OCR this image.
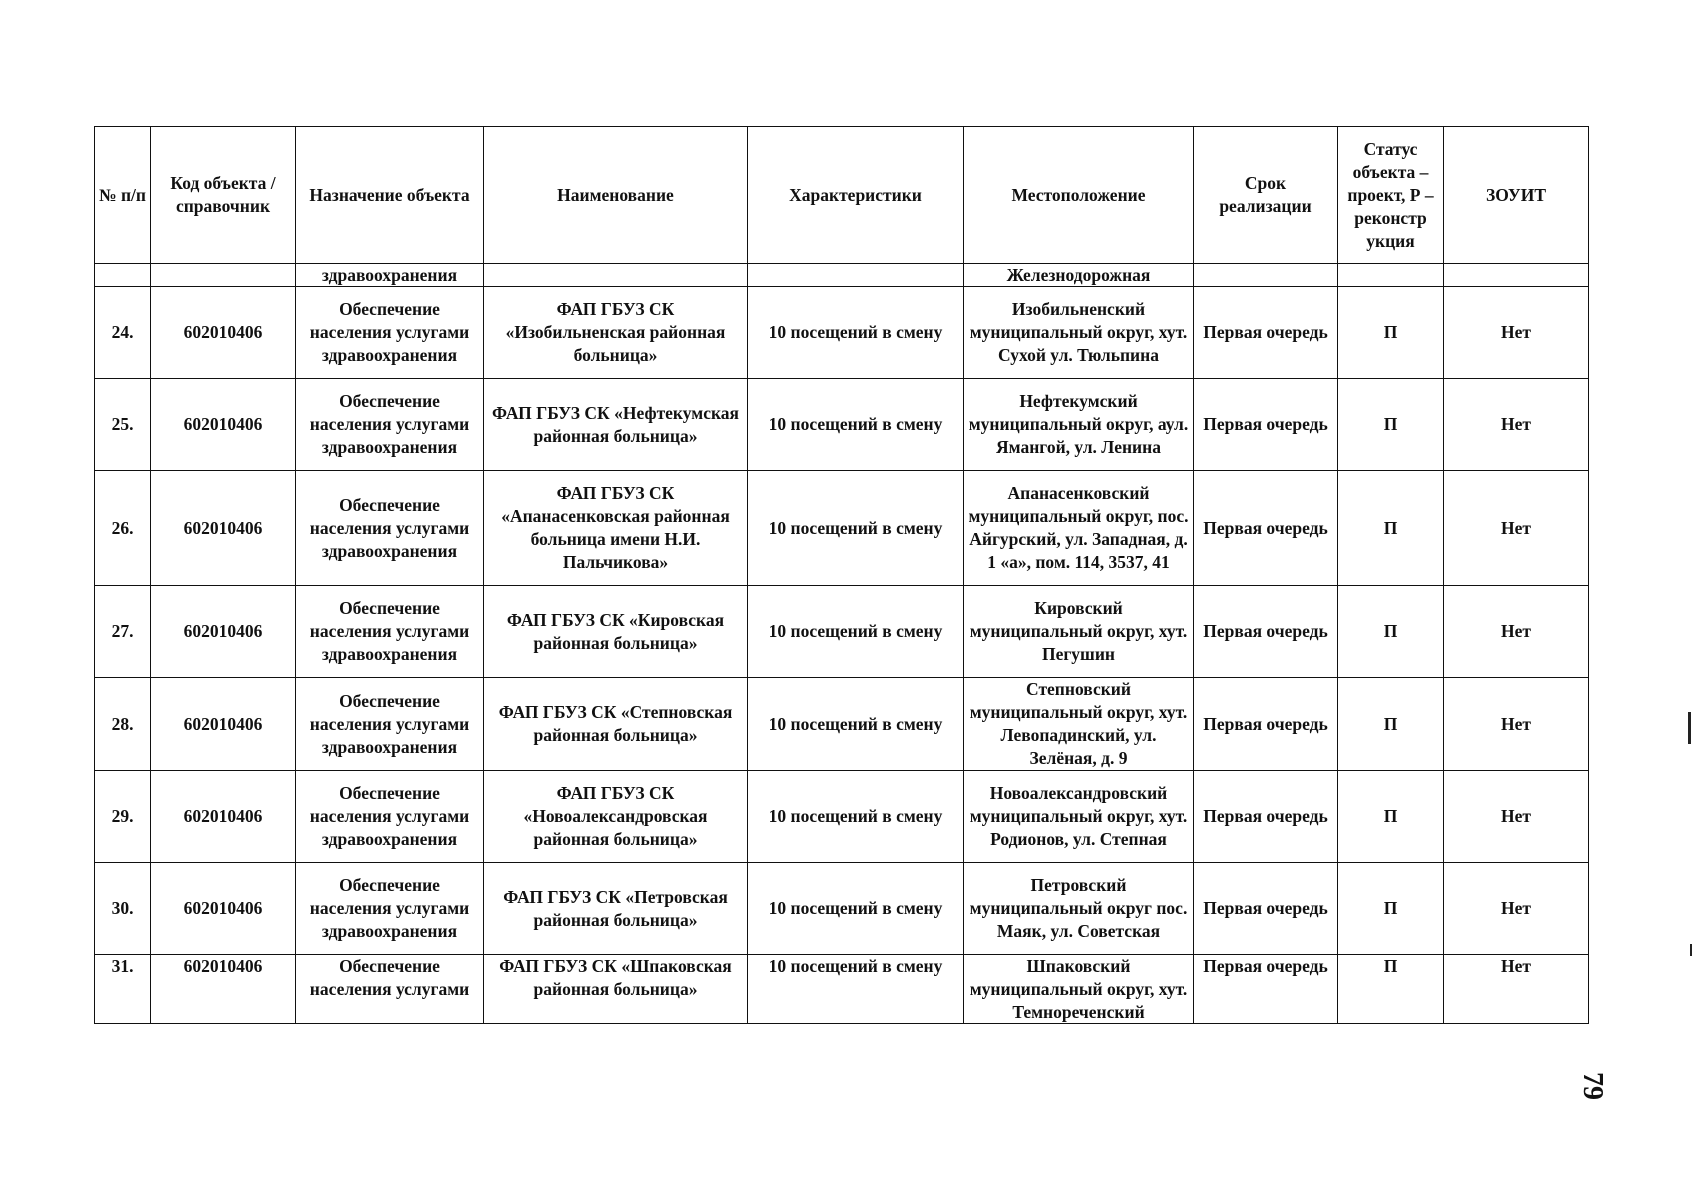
№ п/п	Код объекта / справочник	Назначение объекта	Наименование	Характеристики	Местоположение	Срок реализации	Статус объекта – проект, Р – реконстр укция	ЗОУИТ
		здравоохранения			Железнодорожная			

24.	602010406	Обеспечение населения услугами здравоохранения	ФАП ГБУЗ СК «Изобильненская районная больница»	10 посещений в смену	Изобильненский муниципальный округ, хут. Сухой ул. Тюльпина	Первая очередь	П	Нет

25.	602010406	Обеспечение населения услугами здравоохранения	ФАП ГБУЗ СК «Нефтекумская районная больница»	10 посещений в смену	Нефтекумский муниципальный округ, аул. Ямангой, ул. Ленина	Первая очередь	П	Нет

26.	602010406	Обеспечение населения услугами здравоохранения	ФАП ГБУЗ СК «Апанасенковская районная больница имени Н.И. Пальчикова»	10 посещений в смену	Апанасенковский муниципальный округ, пос. Айгурский, ул. Западная, д. 1 «а», пом. 114, 3537, 41	Первая очередь	П	Нет

27.	602010406	Обеспечение населения услугами здравоохранения	ФАП ГБУЗ СК «Кировская районная больница»	10 посещений в смену	Кировский муниципальный округ, хут. Пегушин	Первая очередь	П	Нет

28.	602010406	Обеспечение населения услугами здравоохранения	ФАП ГБУЗ СК «Степновская районная больница»	10 посещений в смену	Степновский муниципальный округ, хут. Левопадинский, ул. Зелёная, д. 9	Первая очередь	П	Нет

29.	602010406	Обеспечение населения услугами здравоохранения	ФАП ГБУЗ СК «Новоалександровская районная больница»	10 посещений в смену	Новоалександровский муниципальный округ, хут. Родионов, ул. Степная	Первая очередь	П	Нет

30.	602010406	Обеспечение населения услугами здравоохранения	ФАП ГБУЗ СК «Петровская районная больница»	10 посещений в смену	Петровский муниципальный округ пос. Маяк, ул. Советская	Первая очередь	П	Нет

31.	602010406	Обеспечение населения услугами	ФАП ГБУЗ СК «Шпаковская районная больница»	10 посещений в смену	Шпаковский муниципальный округ, хут. Темнореченский	Первая очередь	П	Нет
79
